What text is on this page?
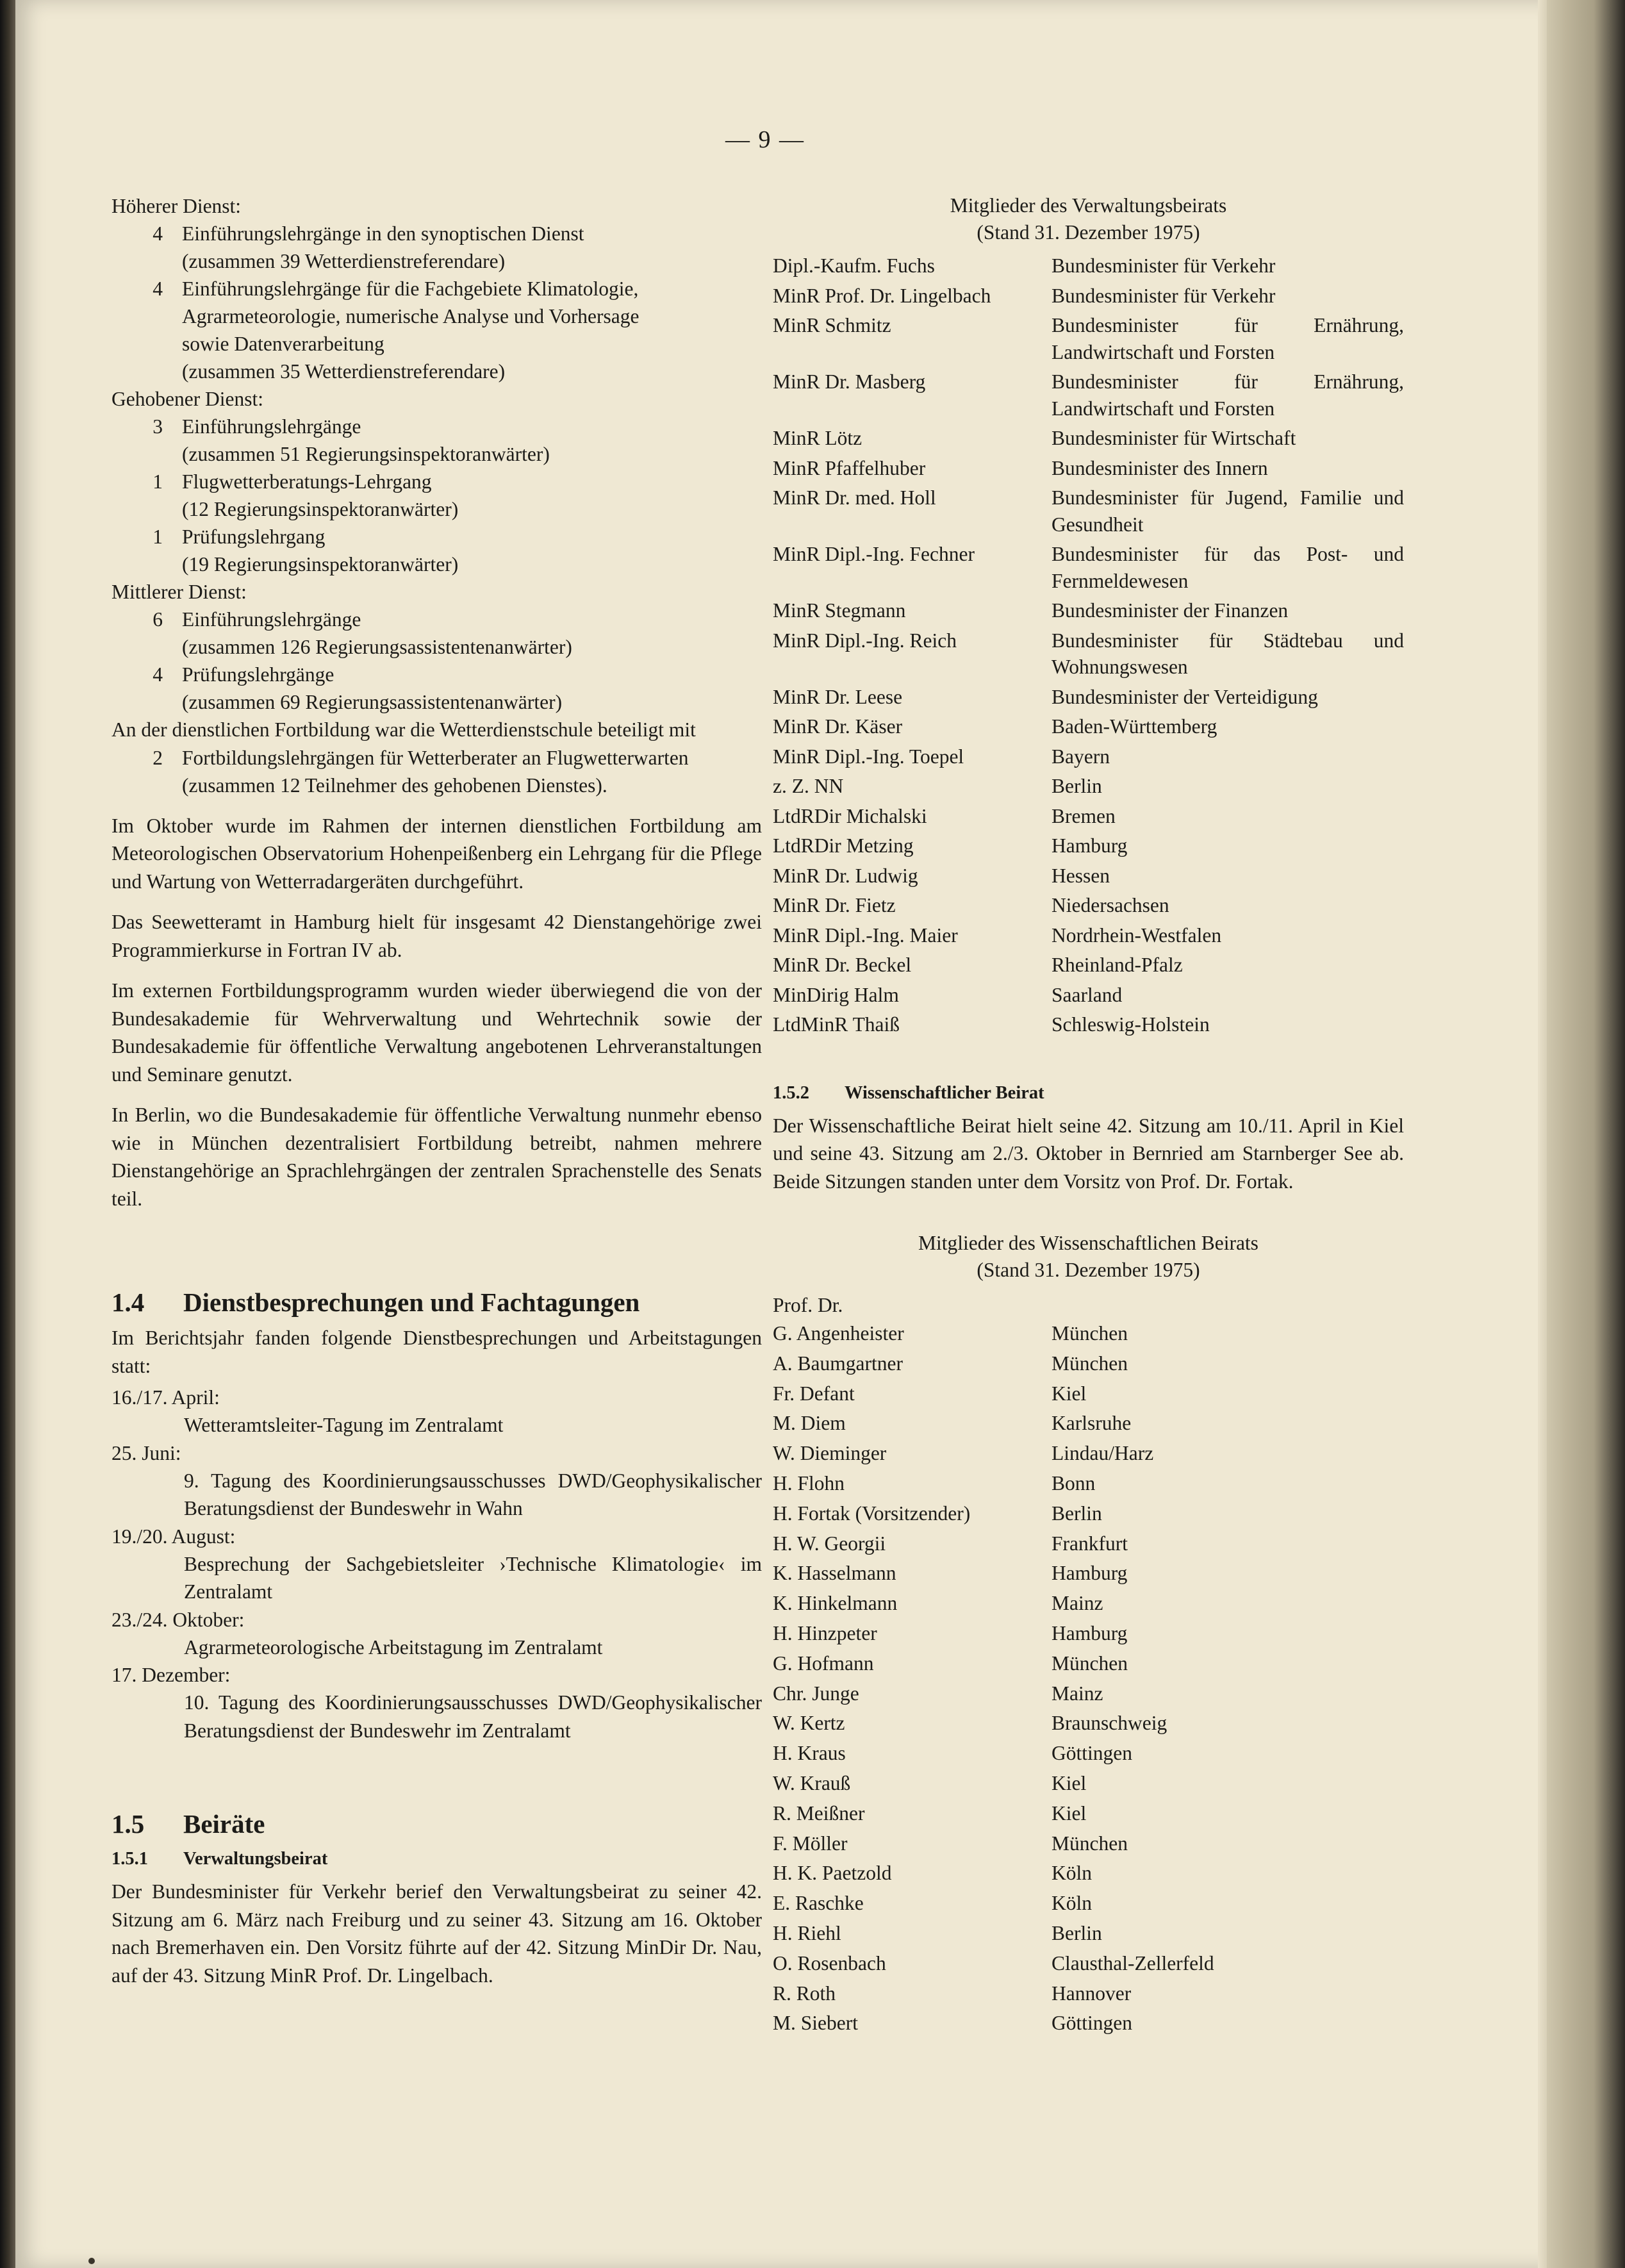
— 9 —

Höherer Dienst:

4 Einführungslehrgänge in den synoptischen Dienst
(zusammen 39 Wetterdienstreferendare)
4 Einführungslehrgänge für die Fachgebiete Klimatologie,
Agrarmeteorologie, numerische Analyse und Vorhersage
sowie Datenverarbeitung
(zusammen 35 Wetterdienstreferendare)

Gehobener Dienst:

3 Einführungslehrgänge
(zusammen 51 Regierungsinspektoranwärter)
1 Flugwetterberatungs-Lehrgang
(12 Regierungsinspektoranwärter)
1 Prüfungslehrgang
(19 Regierungsinspektoranwärter)

Mittlerer Dienst:

6 Einführungslehrgänge
(zusammen 126 Regierungsassistentenanwärter)
4 Prüfungslehrgänge
(zusammen 69 Regierungsassistentenanwärter)

An der dienstlichen Fortbildung war die Wetterdienstschule beteiligt mit

2 Fortbildungslehrgängen für Wetterberater an Flugwetterwarten
(zusammen 12 Teilnehmer des gehobenen Dienstes).

Im Oktober wurde im Rahmen der internen dienstlichen Fortbildung am Meteorologischen Observatorium Hohenpeißenberg ein Lehrgang für die Pflege und Wartung von Wetterradargeräten durchgeführt.

Das Seewetteramt in Hamburg hielt für insgesamt 42 Dienstangehörige zwei Programmierkurse in Fortran IV ab.

Im externen Fortbildungsprogramm wurden wieder überwiegend die von der Bundesakademie für Wehrverwaltung und Wehrtechnik sowie der Bundesakademie für öffentliche Verwaltung angebotenen Lehrveranstaltungen und Seminare genutzt.

In Berlin, wo die Bundesakademie für öffentliche Verwaltung nunmehr ebenso wie in München dezentralisiert Fortbildung betreibt, nahmen mehrere Dienstangehörige an Sprachlehrgängen der zentralen Sprachenstelle des Senats teil.

1.4	Dienstbesprechungen und Fachtagungen

Im Berichtsjahr fanden folgende Dienstbesprechungen und Arbeitstagungen statt:

16./17. April:

Wetteramtsleiter-Tagung im Zentralamt

25. Juni:

9. Tagung des Koordinierungsausschusses DWD/Geophysikalischer Beratungsdienst der Bundeswehr in Wahn

19./20. August:

Besprechung der Sachgebietsleiter ›Technische Klimatologie‹ im Zentralamt

23./24. Oktober:

Agrarmeteorologische Arbeitstagung im Zentralamt

17. Dezember:

10. Tagung des Koordinierungsausschusses DWD/Geophysikalischer Beratungsdienst der Bundeswehr im Zentralamt

1.5	Beiräte
1.5.1	Verwaltungsbeirat

Der Bundesminister für Verkehr berief den Verwaltungsbeirat zu seiner 42. Sitzung am 6. März nach Freiburg und zu seiner 43. Sitzung am 16. Oktober nach Bremerhaven ein. Den Vorsitz führte auf der 42. Sitzung MinDir Dr. Nau, auf der 43. Sitzung MinR Prof. Dr. Lingelbach.

Mitglieder des Verwaltungsbeirats
(Stand 31. Dezember 1975)
Dipl.-Kaufm. Fuchs	Bundesminister für Verkehr
MinR Prof. Dr. Lingelbach	Bundesminister für Verkehr
MinR Schmitz	Bundesminister für Ernährung, Landwirtschaft und Forsten
MinR Dr. Masberg	Bundesminister für Ernährung, Landwirtschaft und Forsten
MinR Lötz	Bundesminister für Wirtschaft
MinR Pfaffelhuber	Bundesminister des Innern
MinR Dr. med. Holl	Bundesminister für Jugend, Familie und Gesundheit
MinR Dipl.-Ing. Fechner	Bundesminister für das Post- und Fernmeldewesen
MinR Stegmann	Bundesminister der Finanzen
MinR Dipl.-Ing. Reich	Bundesminister für Städtebau und Wohnungswesen
MinR Dr. Leese	Bundesminister der Verteidigung
MinR Dr. Käser	Baden-Württemberg
MinR Dipl.-Ing. Toepel	Bayern
z. Z. NN	Berlin
LtdRDir Michalski	Bremen
LtdRDir Metzing	Hamburg
MinR Dr. Ludwig	Hessen
MinR Dr. Fietz	Niedersachsen
MinR Dipl.-Ing. Maier	Nordrhein-Westfalen
MinR Dr. Beckel	Rheinland-Pfalz
MinDirig Halm	Saarland
LtdMinR Thaiß	Schleswig-Holstein
1.5.2	Wissenschaftlicher Beirat

Der Wissenschaftliche Beirat hielt seine 42. Sitzung am 10./11. April in Kiel und seine 43. Sitzung am 2./3. Oktober in Bernried am Starnberger See ab. Beide Sitzungen standen unter dem Vorsitz von Prof. Dr. Fortak.

Mitglieder des Wissenschaftlichen Beirats
(Stand 31. Dezember 1975)
Prof. Dr.
G. Angenheister	München
A. Baumgartner	München
Fr. Defant	Kiel
M. Diem	Karlsruhe
W. Dieminger	Lindau/Harz
H. Flohn	Bonn
H. Fortak (Vorsitzender)	Berlin
H. W. Georgii	Frankfurt
K. Hasselmann	Hamburg
K. Hinkelmann	Mainz
H. Hinzpeter	Hamburg
G. Hofmann	München
Chr. Junge	Mainz
W. Kertz	Braunschweig
H. Kraus	Göttingen
W. Krauß	Kiel
R. Meißner	Kiel
F. Möller	München
H. K. Paetzold	Köln
E. Raschke	Köln
H. Riehl	Berlin
O. Rosenbach	Clausthal-Zellerfeld
R. Roth	Hannover
M. Siebert	Göttingen
